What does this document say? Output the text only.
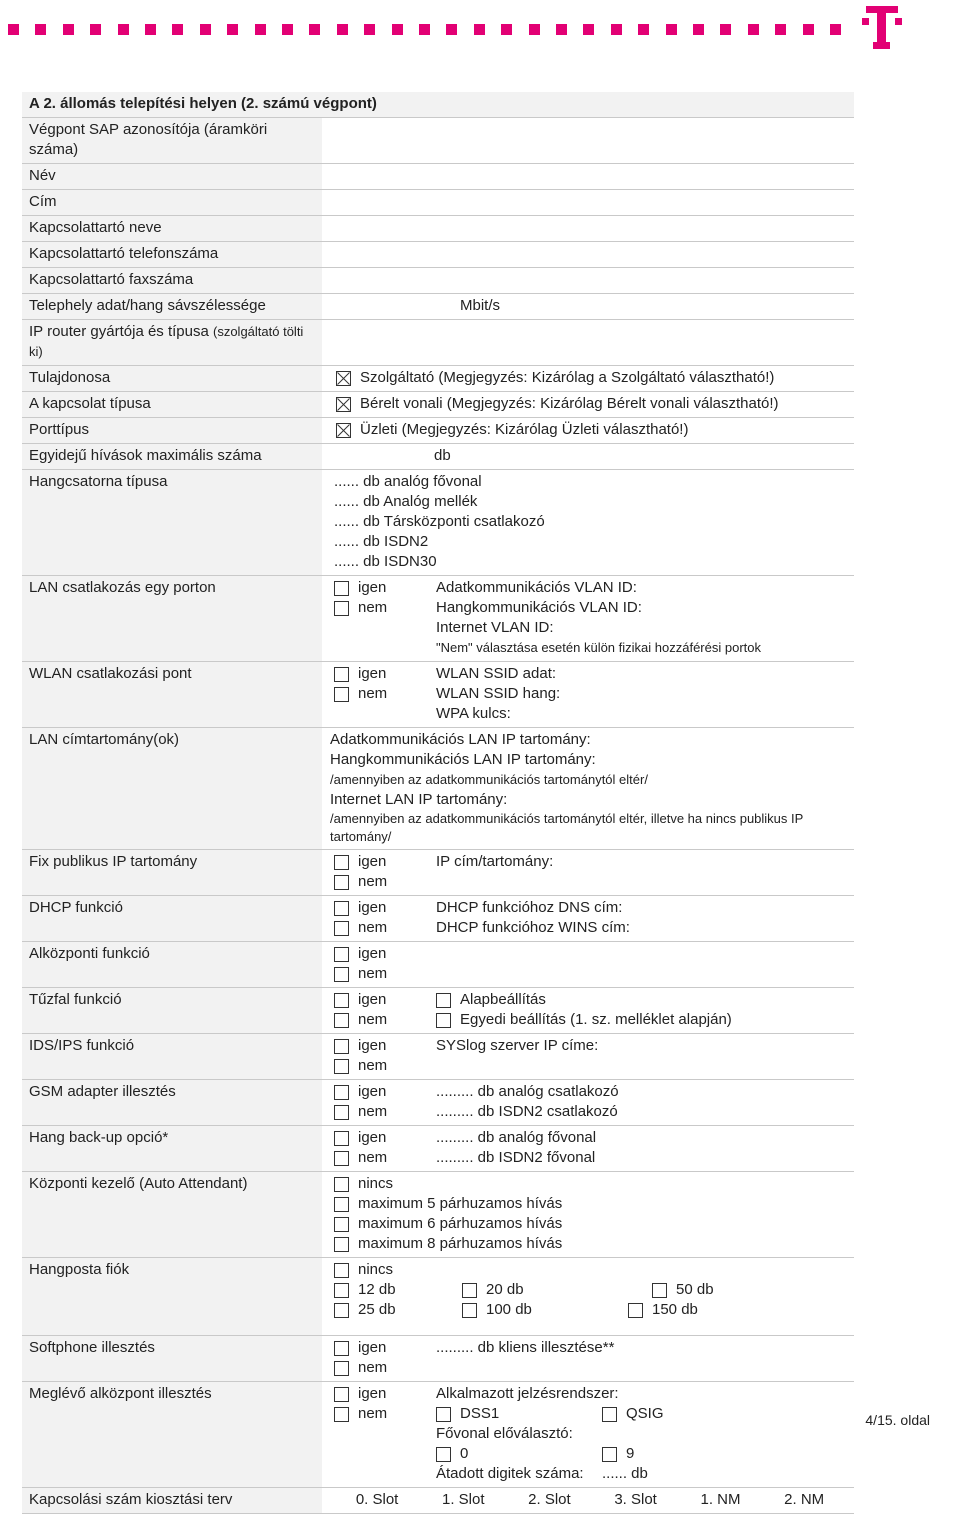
A 2. állomás telepítési helyen (2. számú végpont)
Végpont SAP azonosítója (áramköri száma)
Név
Cím
Kapcsolattartó neve
Kapcsolattartó telefonszáma
Kapcsolattartó faxszáma
Telephely adat/hang sávszélessége	Mbit/s
IP router gyártója és típusa (szolgáltató tölti ki)
Tulajdonosa	Szolgáltató (Megjegyzés: Kizárólag a Szolgáltató választható!)
A kapcsolat típusa	Bérelt vonali (Megjegyzés: Kizárólag Bérelt vonali választható!)
Porttípus	Üzleti (Megjegyzés: Kizárólag Üzleti választható!)
Egyidejű hívások maximális száma	db
Hangcsatorna típusa	...... db analóg fővonal
...... db Analóg mellék
...... db Társközponti csatlakozó
...... db ISDN2
...... db ISDN30
LAN csatlakozás egy porton	igen
nem
Adatkommunikációs VLAN ID:
Hangkommunikációs VLAN ID:
Internet VLAN ID:
"Nem" választása esetén külön fizikai hozzáférési portok
WLAN csatlakozási pont	igen
nem
WLAN SSID adat:
WLAN SSID hang:
WPA kulcs:
LAN címtartomány(ok)	Adatkommunikációs LAN IP tartomány:
Hangkommunikációs LAN IP tartomány:
/amennyiben az adatkommunikációs tartománytól eltér/
Internet LAN IP tartomány:
/amennyiben az adatkommunikációs tartománytól eltér, illetve ha nincs publikus IP tartomány/
Fix publikus IP tartomány	igen
nem
IP cím/tartomány:
DHCP funkció	igen
nem
DHCP funkcióhoz DNS cím:
DHCP funkcióhoz WINS cím:
Alközponti funkció	igen
nem
Tűzfal funkció	igen
nem
Alapbeállítás
Egyedi beállítás (1. sz. melléklet alapján)
IDS/IPS funkció	igen
nem
SYSlog szerver IP címe:
GSM adapter illesztés	igen
nem
......... db analóg csatlakozó
......... db ISDN2 csatlakozó
Hang back-up opció*	igen
nem
......... db analóg fővonal
......... db ISDN2 fővonal
Központi kezelő (Auto Attendant)	nincs
maximum 5 párhuzamos hívás
maximum 6 párhuzamos hívás
maximum 8 párhuzamos hívás
Hangposta fiók	nincs
12 db	20 db	50 db
25 db	100 db	150 db
Softphone illesztés	igen
nem
......... db kliens illesztése**
Meglévő alközpont illesztés	igen
nem
Alkalmazott jelzésrendszer:
DSS1	QSIG
Fővonal előválasztó:
0	9
Átadott digitek száma:	...... db
Kapcsolási szám kiosztási terv	0. Slot	1. Slot	2. Slot	3. Slot	1. NM	2. NM
4/15. oldal
